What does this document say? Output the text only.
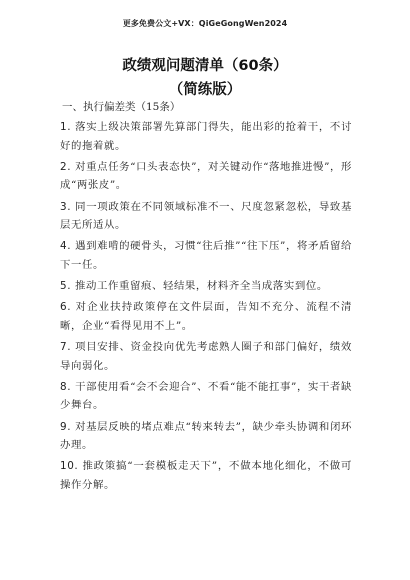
更多免费公文+VX：QiGeGongWen2024
政绩观问题清单（60条）
（简练版）
一、执行偏差类（15条）
1. 落实上级决策部署先算部门得失，能出彩的抢着干，不讨好的拖着就。
2. 对重点任务“口头表态快”，对关键动作“落地推进慢”，形成“两张皮”。
3. 同一项政策在不同领域标准不一、尺度忽紧忽松，导致基层无所适从。
4. 遇到难啃的硬骨头，习惯“往后推”“往下压”，将矛盾留给下一任。
5. 推动工作重留痕、轻结果，材料齐全当成落实到位。
6. 对企业扶持政策停在文件层面，告知不充分、流程不清晰，企业“看得见用不上”。
7. 项目安排、资金投向优先考虑熟人圈子和部门偏好，绩效导向弱化。
8. 干部使用看“会不会迎合”、不看“能不能扛事”，实干者缺少舞台。
9. 对基层反映的堵点难点“转来转去”，缺少牵头协调和闭环办理。
10. 推政策搞“一套模板走天下”，不做本地化细化，不做可操作分解。
